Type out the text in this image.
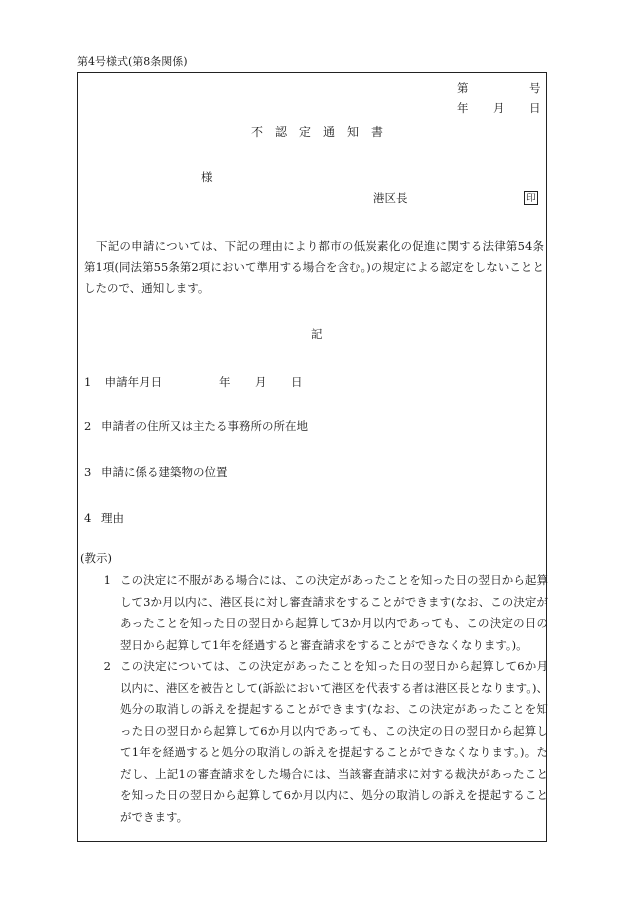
第4号様式(第8条関係)
第	号
年 月 日
不　認　定　通　知　書
様
港区長	印
下記の申請については、下記の理由により都市の低炭素化の促進に関する法律第54条第1項(同法第55条第2項において準用する場合を含む。)の規定による認定をしないこととしたので、通知します。
記
1 申請年月日	年 月 日
2 申請者の住所又は主たる事務所の所在地
3 申請に係る建築物の位置
4 理由
(教示)
1 この決定に不服がある場合には、この決定があったことを知った日の翌日から起算して3か月以内に、港区長に対し審査請求をすることができます(なお、この決定があったことを知った日の翌日から起算して3か月以内であっても、この決定の日の翌日から起算して1年を経過すると審査請求をすることができなくなります。)。
2 この決定については、この決定があったことを知った日の翌日から起算して6か月以内に、港区を被告として(訴訟において港区を代表する者は港区長となります。)、処分の取消しの訴えを提起することができます(なお、この決定があったことを知った日の翌日から起算して6か月以内であっても、この決定の日の翌日から起算して1年を経過すると処分の取消しの訴えを提起することができなくなります。)。ただし、上記1の審査請求をした場合には、当該審査請求に対する裁決があったことを知った日の翌日から起算して6か月以内に、処分の取消しの訴えを提起することができます。
